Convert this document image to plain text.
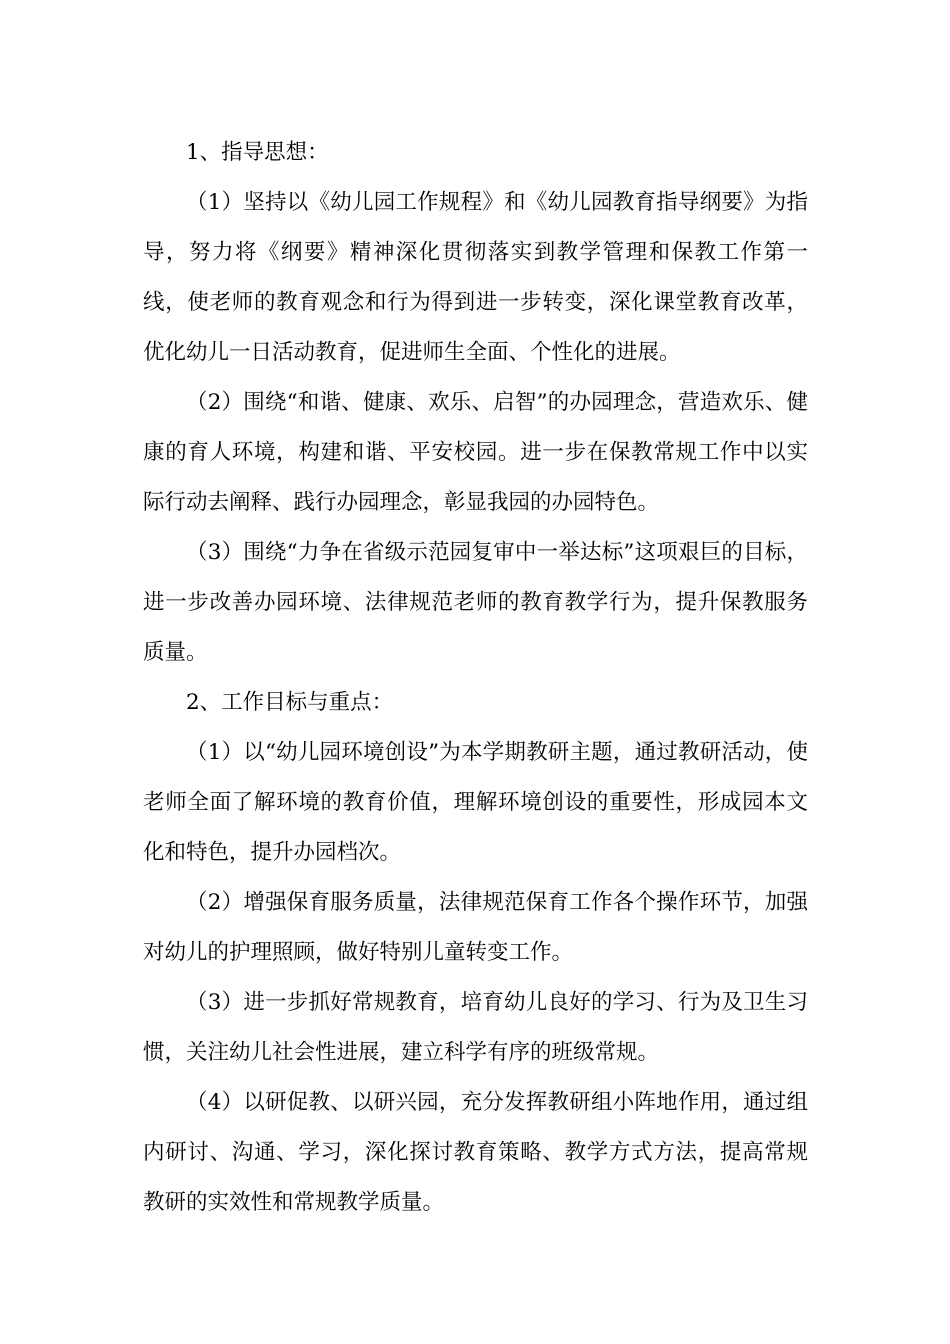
1、指导思想：

（1）坚持以《幼儿园工作规程》和《幼儿园教育指导纲要》为指导，努力将《纲要》精神深化贯彻落实到教学管理和保教工作第一线，使老师的教育观念和行为得到进一步转变，深化课堂教育改革，优化幼儿一日活动教育，促进师生全面、个性化的进展。

（2）围绕“和谐、健康、欢乐、启智”的办园理念，营造欢乐、健康的育人环境，构建和谐、平安校园。进一步在保教常规工作中以实际行动去阐释、践行办园理念，彰显我园的办园特色。

（3）围绕“力争在省级示范园复审中一举达标”这项艰巨的目标，进一步改善办园环境、法律规范老师的教育教学行为，提升保教服务质量。

2、工作目标与重点：

（1）以“幼儿园环境创设”为本学期教研主题，通过教研活动，使老师全面了解环境的教育价值，理解环境创设的重要性，形成园本文化和特色，提升办园档次。

（2）增强保育服务质量，法律规范保育工作各个操作环节，加强对幼儿的护理照顾，做好特别儿童转变工作。

（3）进一步抓好常规教育，培育幼儿良好的学习、行为及卫生习惯，关注幼儿社会性进展，建立科学有序的班级常规。

（4）以研促教、以研兴园，充分发挥教研组小阵地作用，通过组内研讨、沟通、学习，深化探讨教育策略、教学方式方法，提高常规教研的实效性和常规教学质量。
